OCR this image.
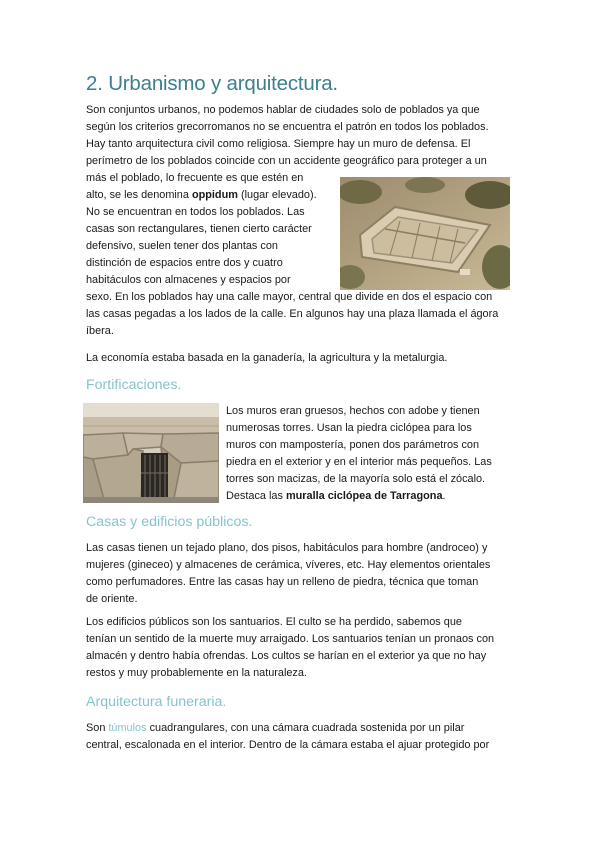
2. Urbanismo y arquitectura.
Son conjuntos urbanos, no podemos hablar de ciudades solo de poblados ya que
según los criterios grecorromanos no se encuentra el patrón en todos los poblados.
Hay tanto arquitectura civil como religiosa. Siempre hay un muro de defensa. El
perímetro de los poblados coincide con un accidente geográfico para proteger a un
más el poblado, lo frecuente es que estén en
alto, se les denomina oppidum (lugar elevado).
No se encuentran en todos los poblados. Las
casas son rectangulares, tienen cierto carácter
defensivo, suelen tener dos plantas con
distinción de espacios entre dos y cuatro
habitáculos con almacenes y espacios por
sexo. En los poblados hay una calle mayor, central que divide en dos el espacio con
las casas pegadas a los lados de la calle. En algunos hay una plaza llamada el ágora
íbera.
La economía estaba basada en la ganadería, la agricultura y la metalurgia.
Fortificaciones.
Los muros eran gruesos, hechos con adobe y tienen
numerosas torres. Usan la piedra ciclópea para los
muros con mampostería, ponen dos parámetros con
piedra en el exterior y en el interior más pequeños. Las
torres son macizas, de la mayoría solo está el zócalo.
Destaca las muralla ciclópea de Tarragona.
Casas y edificios públicos.
Las casas tienen un tejado plano, dos pisos, habitáculos para hombre (androceo) y
mujeres (gineceo) y almacenes de cerámica, víveres, etc. Hay elementos orientales
como perfumadores. Entre las casas hay un relleno de piedra, técnica que toman
de oriente.
Los edificios públicos son los santuarios. El culto se ha perdido, sabemos que
tenían un sentido de la muerte muy arraigado. Los santuarios tenían un pronaos con
almacén y dentro había ofrendas. Los cultos se harían en el exterior ya que no hay
restos y muy probablemente en la naturaleza.
Arquitectura funeraria.
Son túmulos cuadrangulares, con una cámara cuadrada sostenida por un pilar
central, escalonada en el interior. Dentro de la cámara estaba el ajuar protegido por
